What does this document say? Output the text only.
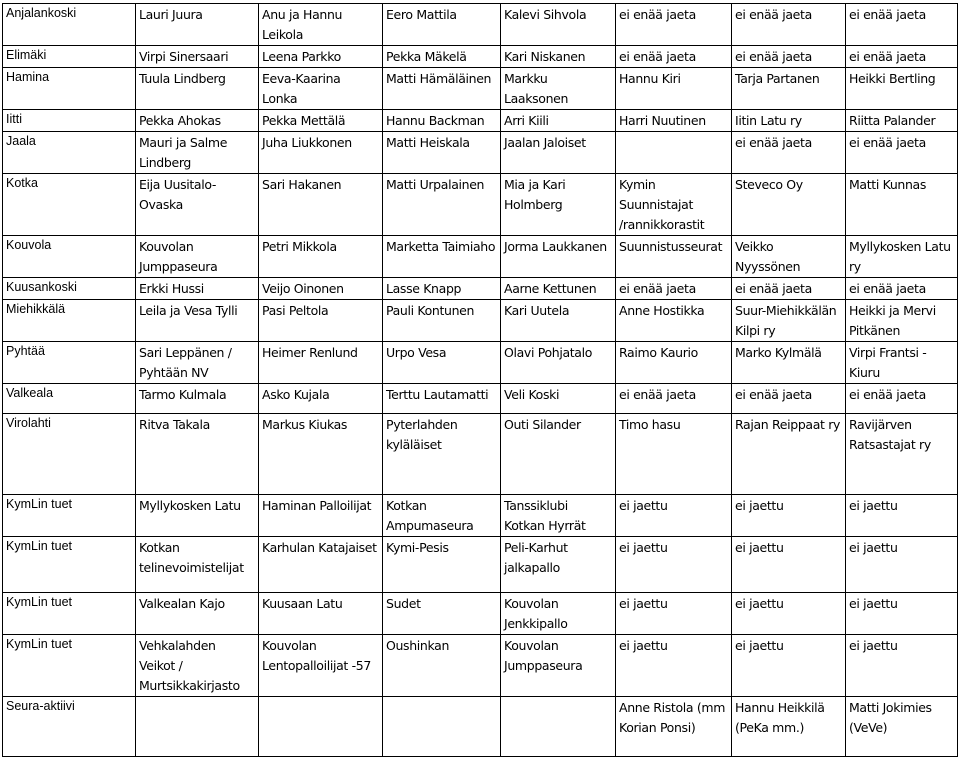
Anjalankoski	Lauri Juura	Anu ja Hannu Leikola	Eero Mattila	Kalevi Sihvola	ei enää jaeta	ei enää jaeta	ei enää jaeta
Elimäki	Virpi Sinersaari	Leena Parkko	Pekka Mäkelä	Kari Niskanen	ei enää jaeta	ei enää jaeta	ei enää jaeta
Hamina	Tuula Lindberg	Eeva-Kaarina Lonka	Matti Hämäläinen	Markku Laaksonen	Hannu Kiri	Tarja Partanen	Heikki Bertling
Iitti	Pekka Ahokas	Pekka Mettälä	Hannu Backman	Arri Kiili	Harri Nuutinen	Iitin Latu ry	Riitta Palander
Jaala	Mauri ja Salme Lindberg	Juha Liukkonen	Matti Heiskala	Jaalan Jaloiset		ei enää jaeta	ei enää jaeta
Kotka	Eija Uusitalo-Ovaska	Sari Hakanen	Matti Urpalainen	Mia ja Kari Holmberg	Kymin Suunnistajat /rannikkorastit	Steveco Oy	Matti Kunnas
Kouvola	Kouvolan Jumppaseura	Petri Mikkola	Marketta Taimiaho	Jorma Laukkanen	Suunnistusseurat	Veikko Nyyssönen	Myllykosken Latu ry
Kuusankoski	Erkki Hussi	Veijo Oinonen	Lasse Knapp	Aarne Kettunen	ei enää jaeta	ei enää jaeta	ei enää jaeta
Miehikkälä	Leila ja Vesa Tylli	Pasi Peltola	Pauli Kontunen	Kari Uutela	Anne Hostikka	Suur-Miehikkälän Kilpi ry	Heikki ja Mervi Pitkänen
Pyhtää	Sari Leppänen / Pyhtään NV	Heimer Renlund	Urpo Vesa	Olavi Pohjatalo	Raimo Kaurio	Marko Kylmälä	Virpi Frantsi - Kiuru
Valkeala	Tarmo Kulmala	Asko Kujala	Terttu Lautamatti	Veli Koski	ei enää jaeta	ei enää jaeta	ei enää jaeta
Virolahti	Ritva Takala	Markus Kiukas	Pyterlahden kyläläiset	Outi Silander	Timo hasu	Rajan Reippaat ry	Ravijärven Ratsastajat ry
KymLin tuet	Myllykosken Latu	Haminan Palloilijat	Kotkan Ampumaseura	Tanssiklubi Kotkan Hyrrät	ei jaettu	ei jaettu	ei jaettu
KymLin tuet	Kotkan telinevoimistelijat	Karhulan Katajaiset	Kymi-Pesis	Peli-Karhut jalkapallo	ei jaettu	ei jaettu	ei jaettu
KymLin tuet	Valkealan Kajo	Kuusaan Latu	Sudet	Kouvolan Jenkkipallo	ei jaettu	ei jaettu	ei jaettu
KymLin tuet	Vehkalahden Veikot / Murtsikkakirjasto	Kouvolan Lentopalloilijat -57	Oushinkan	Kouvolan Jumppaseura	ei jaettu	ei jaettu	ei jaettu
Seura-aktiivi					Anne Ristola (mm Korian Ponsi)	Hannu Heikkilä (PeKa mm.)	Matti Jokimies (VeVe)
